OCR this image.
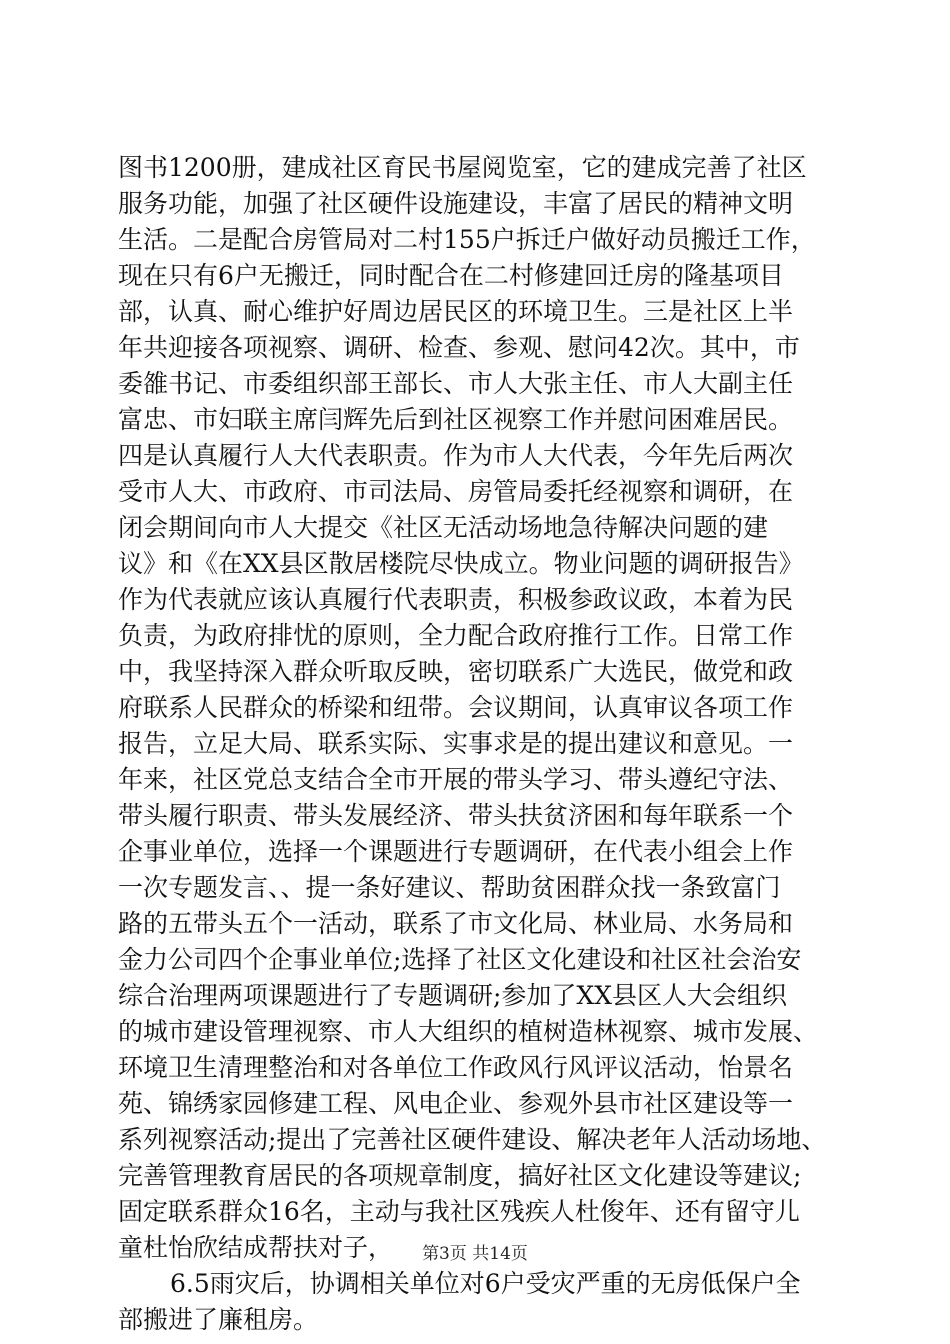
图书1200册，建成社区育民书屋阅览室，它的建成完善了社区
服务功能，加强了社区硬件设施建设，丰富了居民的精神文明
生活。二是配合房管局对二村155户拆迁户做好动员搬迁工作，
现在只有6户无搬迁，同时配合在二村修建回迁房的隆基项目
部，认真、耐心维护好周边居民区的环境卫生。三是社区上半
年共迎接各项视察、调研、检查、参观、慰问42次。其中，市
委雒书记、市委组织部王部长、市人大张主任、市人大副主任
富忠、市妇联主席闫辉先后到社区视察工作并慰问困难居民。
四是认真履行人大代表职责。作为市人大代表，今年先后两次
受市人大、市政府、市司法局、房管局委托经视察和调研，在
闭会期间向市人大提交《社区无活动场地急待解决问题的建
议》和《在XX县区散居楼院尽快成立。物业问题的调研报告》
作为代表就应该认真履行代表职责，积极参政议政，本着为民
负责，为政府排忧的原则，全力配合政府推行工作。日常工作
中，我坚持深入群众听取反映，密切联系广大选民，做党和政
府联系人民群众的桥梁和纽带。会议期间，认真审议各项工作
报告，立足大局、联系实际、实事求是的提出建议和意见。一
年来，社区党总支结合全市开展的带头学习、带头遵纪守法、
带头履行职责、带头发展经济、带头扶贫济困和每年联系一个
企事业单位，选择一个课题进行专题调研，在代表小组会上作
一次专题发言、、提一条好建议、帮助贫困群众找一条致富门
路的五带头五个一活动，联系了市文化局、林业局、水务局和
金力公司四个企事业单位;选择了社区文化建设和社区社会治安
综合治理两项课题进行了专题调研;参加了XX县区人大会组织
的城市建设管理视察、市人大组织的植树造林视察、城市发展、
环境卫生清理整治和对各单位工作政风行风评议活动，怡景名
苑、锦绣家园修建工程、风电企业、参观外县市社区建设等一
系列视察活动;提出了完善社区硬件建设、解决老年人活动场地、
完善管理教育居民的各项规章制度，搞好社区文化建设等建议;
固定联系群众16名，主动与我社区残疾人杜俊年、还有留守儿
童杜怡欣结成帮扶对子，
6.5雨灾后，协调相关单位对6户受灾严重的无房低保户全
部搬进了廉租房。
第3页 共14页
